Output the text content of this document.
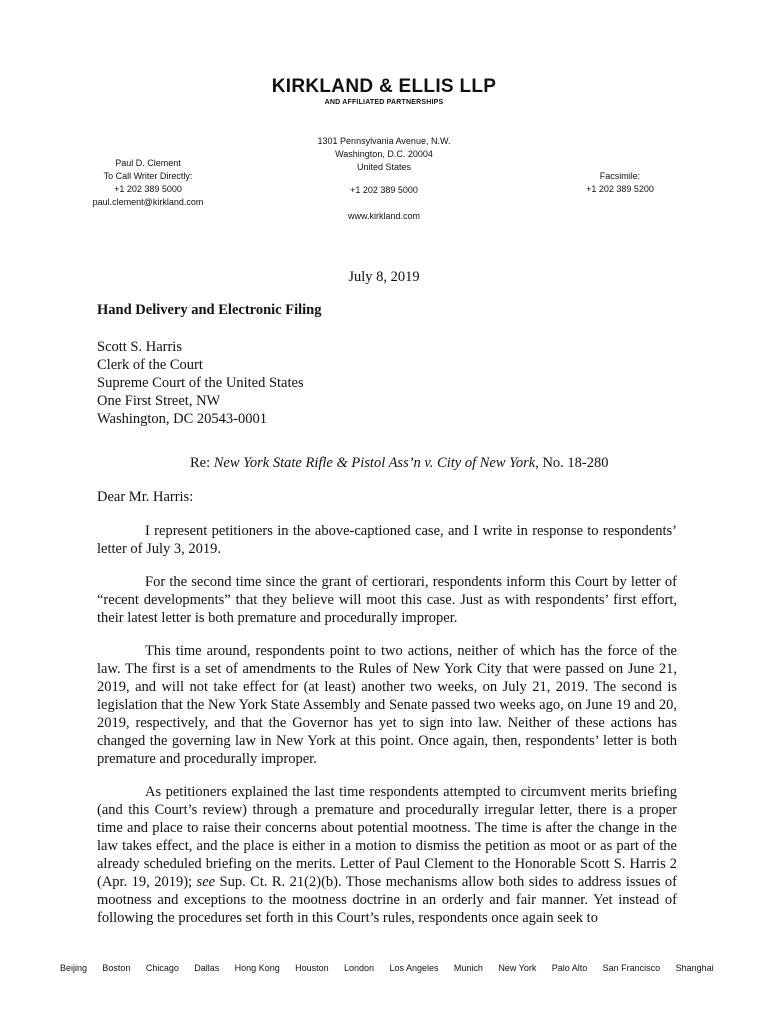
KIRKLAND & ELLIS LLP
AND AFFILIATED PARTNERSHIPS
Paul D. Clement
To Call Writer Directly:
+1 202 389 5000
paul.clement@kirkland.com
1301 Pennsylvania Avenue, N.W.
Washington, D.C. 20004
United States
+1 202 389 5000
www.kirkland.com
Facsimile:
+1 202 389 5200
July 8, 2019
Hand Delivery and Electronic Filing
Scott S. Harris
Clerk of the Court
Supreme Court of the United States
One First Street, NW
Washington, DC 20543-0001
Re: New York State Rifle & Pistol Ass’n v. City of New York, No. 18-280
Dear Mr. Harris:

I represent petitioners in the above-captioned case, and I write in response to respondents’ letter of July 3, 2019.

For the second time since the grant of certiorari, respondents inform this Court by letter of “recent developments” that they believe will moot this case. Just as with respondents’ first effort, their latest letter is both premature and procedurally improper.

This time around, respondents point to two actions, neither of which has the force of the law. The first is a set of amendments to the Rules of New York City that were passed on June 21, 2019, and will not take effect for (at least) another two weeks, on July 21, 2019. The second is legislation that the New York State Assembly and Senate passed two weeks ago, on June 19 and 20, 2019, respectively, and that the Governor has yet to sign into law. Neither of these actions has changed the governing law in New York at this point. Once again, then, respondents’ letter is both premature and procedurally improper.

As petitioners explained the last time respondents attempted to circumvent merits briefing (and this Court’s review) through a premature and procedurally irregular letter, there is a proper time and place to raise their concerns about potential mootness. The time is after the change in the law takes effect, and the place is either in a motion to dismiss the petition as moot or as part of the already scheduled briefing on the merits. Letter of Paul Clement to the Honorable Scott S. Harris 2 (Apr. 19, 2019); see Sup. Ct. R. 21(2)(b). Those mechanisms allow both sides to address issues of mootness and exceptions to the mootness doctrine in an orderly and fair manner. Yet instead of following the procedures set forth in this Court’s rules, respondents once again seek to

Beijing Boston Chicago Dallas Hong Kong Houston London Los Angeles Munich New York Palo Alto San Francisco Shanghai
